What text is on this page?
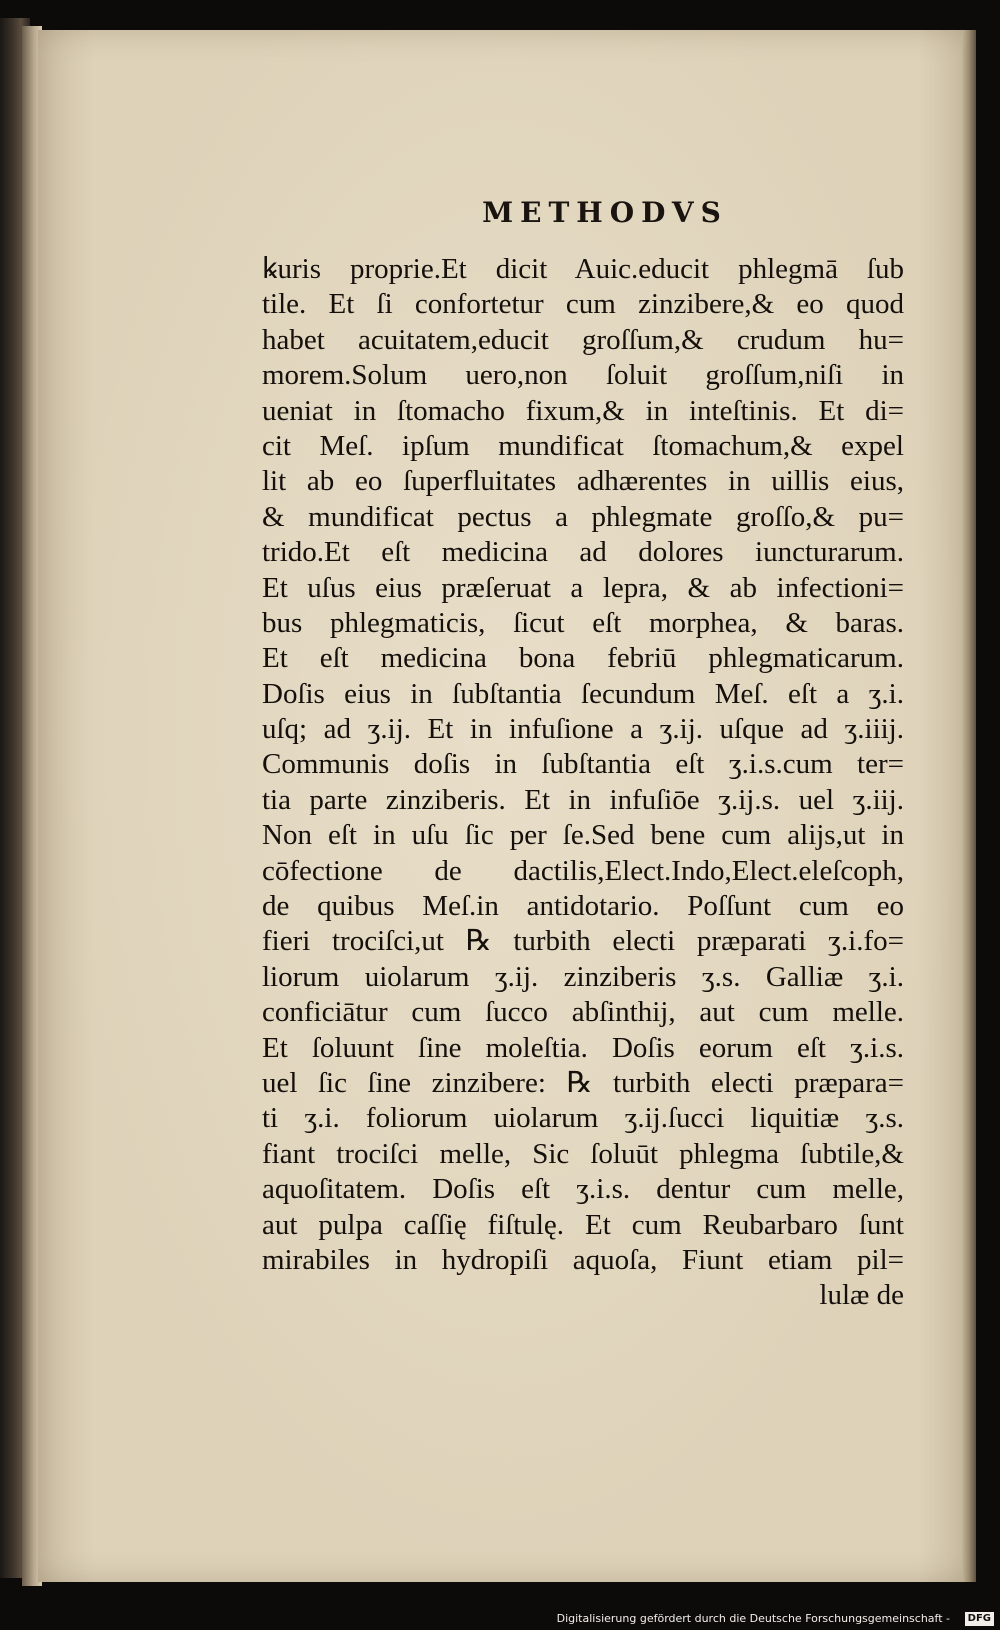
METHODVS
ꝃuris proprie.Et dicit Auic.educit phlegmā ſub
tile. Et ſi confortetur cum zinzibere,& eo quod
habet acuitatem,educit groſſum,& crudum hu=
morem.Solum uero,non ſoluit groſſum,niſi in
ueniat in ſtomacho fixum,& in inteſtinis. Et di=
cit Meſ. ipſum mundificat ſtomachum,& expel
lit ab eo ſuperfluitates adhærentes in uillis eius,
& mundificat pectus a phlegmate groſſo,& pu=
trido.Et eſt medicina ad dolores iuncturarum.
Et uſus eius præſeruat a lepra, & ab infectioni=
bus phlegmaticis, ſicut eſt morphea, & baras.
Et eſt medicina bona febriū phlegmaticarum.
Doſis eius in ſubſtantia ſecundum Meſ. eſt a ʒ.i.
uſq; ad ʒ.ij. Et in infuſione a ʒ.ij. uſque ad ʒ.iiij.
Communis doſis in ſubſtantia eſt ʒ.i.s.cum ter=
tia parte zinziberis. Et in infuſiōe ʒ.ij.s. uel ʒ.iij.
Non eſt in uſu ſic per ſe.Sed bene cum alijs,ut in
cōfectione de dactilis,Elect.Indo,Elect.eleſcoph,
de quibus Meſ.in antidotario. Poſſunt cum eo
fieri trociſci,ut ℞ turbith electi præparati ʒ.i.fo=
liorum uiolarum ʒ.ij. zinziberis ʒ.s. Galliæ ʒ.i.
conficiātur cum ſucco abſinthij, aut cum melle.
Et ſoluunt ſine moleſtia. Doſis eorum eſt ʒ.i.s.
uel ſic ſine zinzibere: ℞ turbith electi præpara=
ti ʒ.i. foliorum uiolarum ʒ.ij.ſucci liquitiæ ʒ.s.
fiant trociſci melle, Sic ſoluūt phlegma ſubtile,&
aquoſitatem. Doſis eſt ʒ.i.s. dentur cum melle,
aut pulpa caſſię fiſtulę. Et cum Reubarbaro ſunt
mirabiles in hydropiſi aquoſa, Fiunt etiam pil=
lulæ de
Digitalisierung gefördert durch die Deutsche Forschungsgemeinschaft -	DFG
